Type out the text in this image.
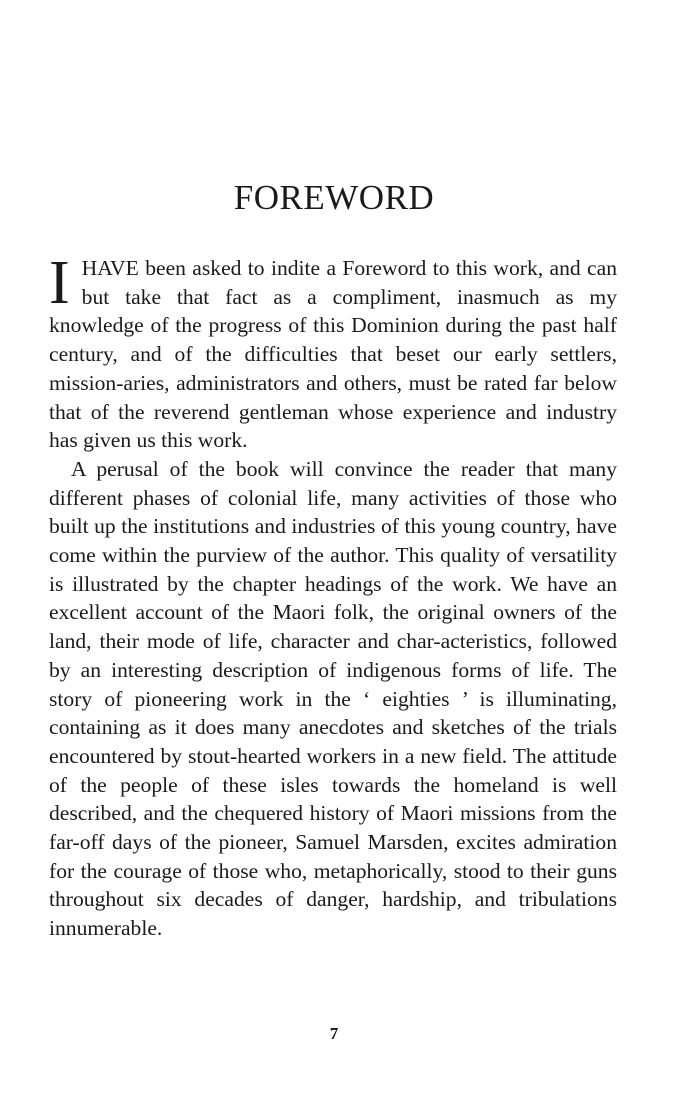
FOREWORD

IHAVE been asked to indite a Foreword to this work, and can but take that fact as a compliment, inasmuch as my knowledge of the progress of this Dominion during the past half century, and of the difficulties that beset our early settlers, mission-aries, administrators and others, must be rated far below that of the reverend gentleman whose experience and industry has given us this work.

A perusal of the book will convince the reader that many different phases of colonial life, many activities of those who built up the institutions and industries of this young country, have come within the purview of the author. This quality of versatility is illustrated by the chapter headings of the work. We have an excellent account of the Maori folk, the original owners of the land, their mode of life, character and char-acteristics, followed by an interesting description of indigenous forms of life. The story of pioneering work in the ‘ eighties ’ is illuminating, containing as it does many anecdotes and sketches of the trials encountered by stout-hearted workers in a new field. The attitude of the people of these isles towards the homeland is well described, and the chequered history of Maori missions from the far-off days of the pioneer, Samuel Marsden, excites admiration for the courage of those who, metaphorically, stood to their guns throughout six decades of danger, hardship, and tribulations innumerable.

7
